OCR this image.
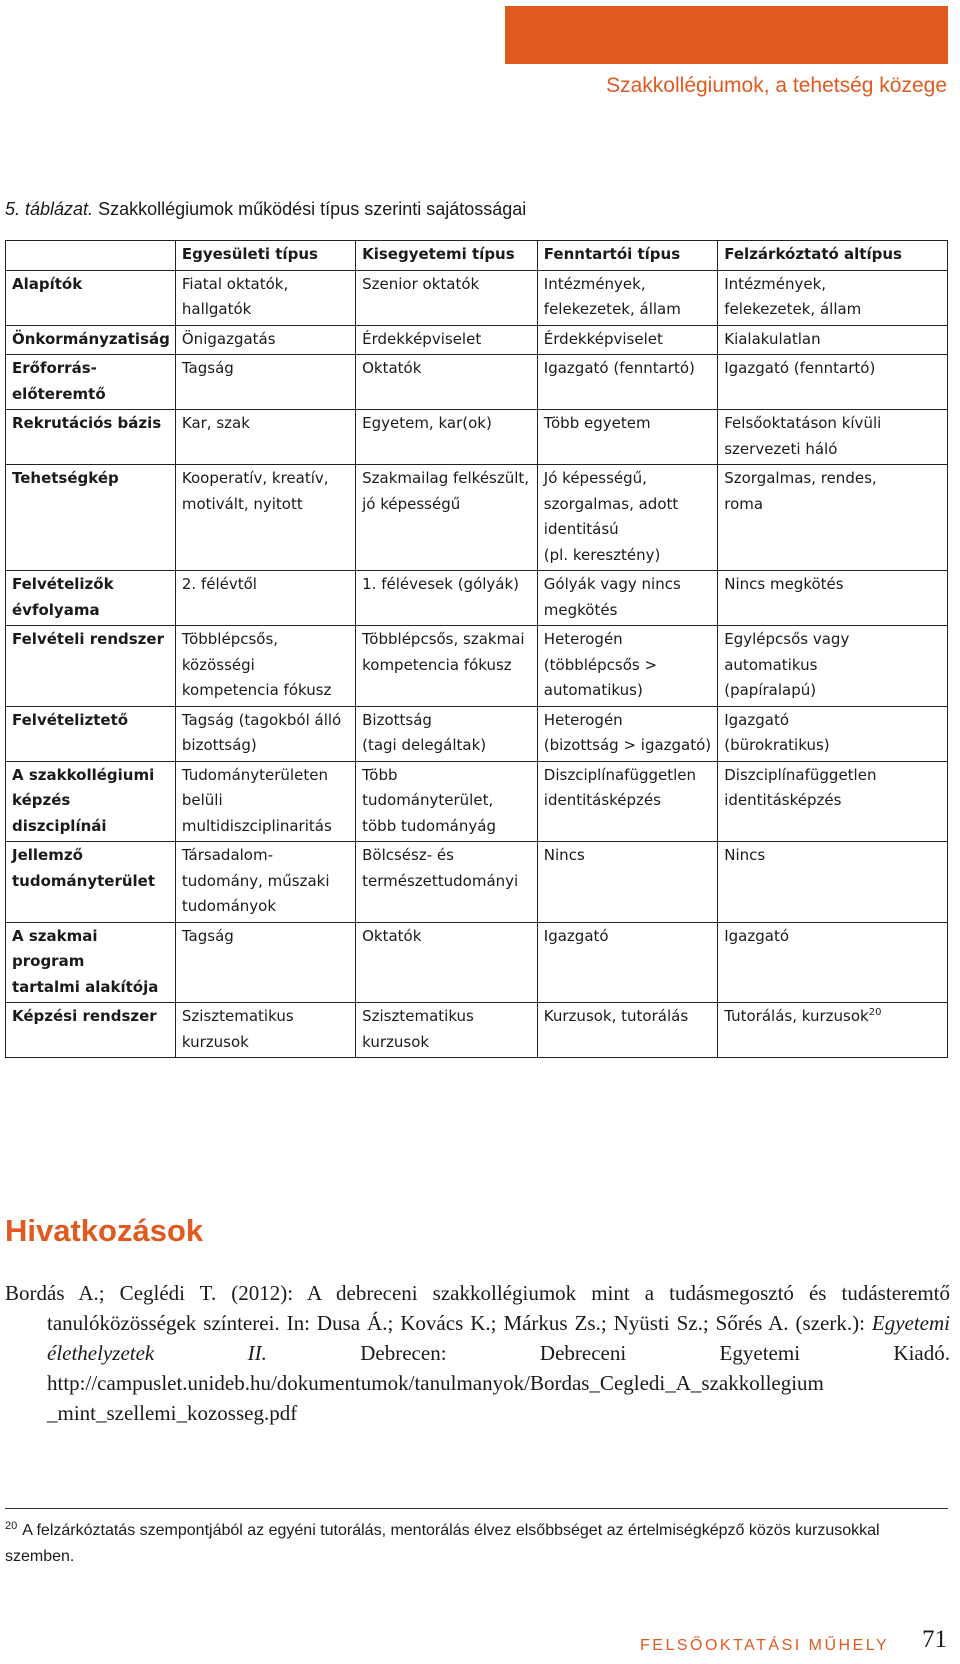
Szakkollégiumok, a tehetség közege
5. táblázat. Szakkollégiumok működési típus szerinti sajátosságai
	Egyesületi típus	Kisegyetemi típus	Fenntartói típus	Felzárkóztató altípus

Alapítók	Fiatal oktatók,
hallgatók	Szenior oktatók	Intézmények,
felekezetek, állam	Intézmények,
felekezetek, állam

Önkormányzatiság	Önigazgatás	Érdekképviselet	Érdekképviselet	Kialakulatlan

Erőforrás-
előteremtő	Tagság	Oktatók	Igazgató (fenntartó)	Igazgató (fenntartó)

Rekrutációs bázis	Kar, szak	Egyetem, kar(ok)	Több egyetem	Felsőoktatáson kívüli
szervezeti háló

Tehetségkép	Kooperatív, kreatív,
motivált, nyitott	Szakmailag felkészült,
jó képességű	Jó képességű,
szorgalmas, adott
identitású
(pl. keresztény)	Szorgalmas, rendes,
roma

Felvételizők
évfolyama	2. félévtől	1. félévesek (gólyák)	Gólyák vagy nincs
megkötés	Nincs megkötés

Felvételi rendszer	Többlépcsős,
közösségi
kompetencia fókusz	Többlépcsős, szakmai
kompetencia fókusz	Heterogén
(többlépcsős >
automatikus)	Egylépcsős vagy
automatikus
(papíralapú)

Felvételiztető	Tagság (tagokból álló
bizottság)	Bizottság
(tagi delegáltak)	Heterogén
(bizottság > igazgató)	Igazgató
(bürokratikus)

A szakkollégiumi
képzés diszciplínái	Tudományterületen
belüli
multidiszciplinaritás	Több
tudományterület,
több tudományág	Diszciplínafüggetlen
identitásképzés	Diszciplínafüggetlen
identitásképzés

Jellemző
tudományterület	Társadalom-
tudomány, műszaki
tudományok	Bölcsész- és
természettudományi	Nincs	Nincs

A szakmai program
tartalmi alakítója	Tagság	Oktatók	Igazgató	Igazgató

Képzési rendszer	Szisztematikus
kurzusok	Szisztematikus
kurzusok	Kurzusok, tutorálás	Tutorálás, kurzusok$^{20}$
Hivatkozások
Bordás A.; Ceglédi T. (2012): A debreceni szakkollégiumok mint a tudásmegosztó és tudásteremtő tanulóközösségek színterei. In: Dusa Á.; Kovács K.; Márkus Zs.; Nyüsti Sz.; Sőrés A. (szerk.): Egyetemi élethelyzetek II. Debrecen: Debreceni Egyetemi Kiadó. http://campuslet.unideb.hu/dokumentumok/tanulmanyok/Bordas_Cegledi_A_szakkollegium _mint_szellemi_kozosseg.pdf
$^{20}$ A felzárkóztatás szempontjából az egyéni tutorálás, mentorálás élvez elsőbbséget az értelmiségképző közös kurzusokkal szemben.
FELSŐOKTATÁSI MŰHELY 71
